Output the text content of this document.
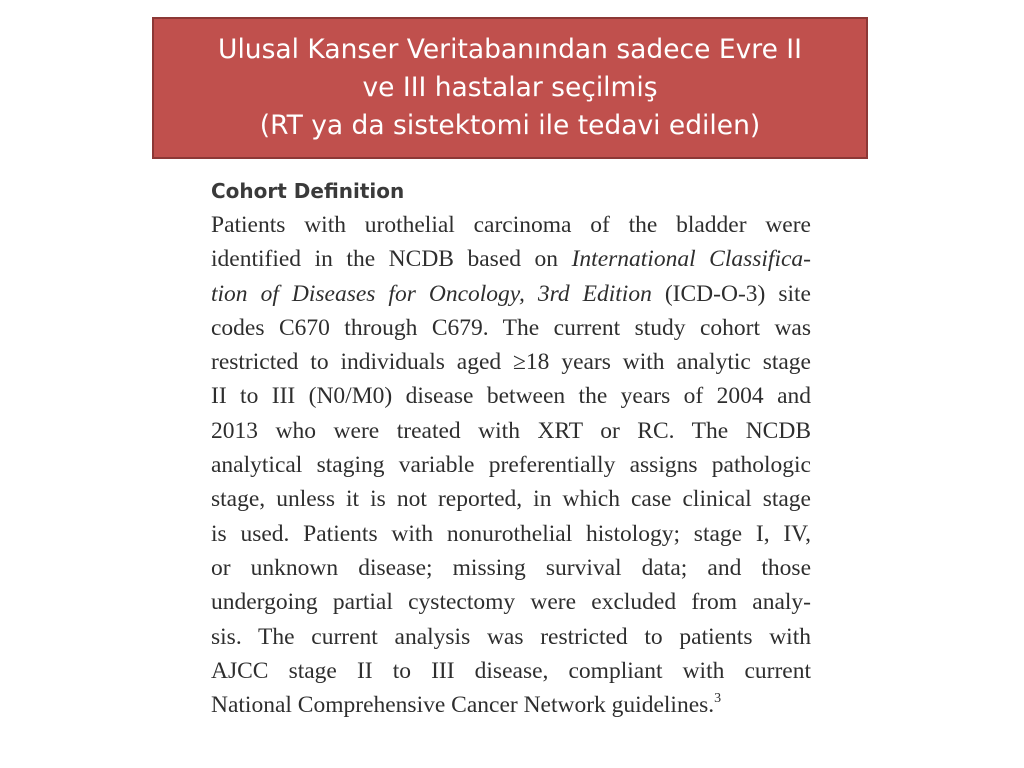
Ulusal Kanser Veritabanından sadece Evre II
ve III hastalar seçilmiş
(RT ya da sistektomi ile tedavi edilen)
Cohort Definition
Patients with urothelial carcinoma of the bladder were
identified in the NCDB based on International Classifica-
tion of Diseases for Oncology, 3rd Edition (ICD-O-3) site
codes C670 through C679. The current study cohort was
restricted to individuals aged ≥18 years with analytic stage
II to III (N0/M0) disease between the years of 2004 and
2013 who were treated with XRT or RC. The NCDB
analytical staging variable preferentially assigns pathologic
stage, unless it is not reported, in which case clinical stage
is used. Patients with nonurothelial histology; stage I, IV,
or unknown disease; missing survival data; and those
undergoing partial cystectomy were excluded from analy-
sis. The current analysis was restricted to patients with
AJCC stage II to III disease, compliant with current
National Comprehensive Cancer Network guidelines.$^3$
